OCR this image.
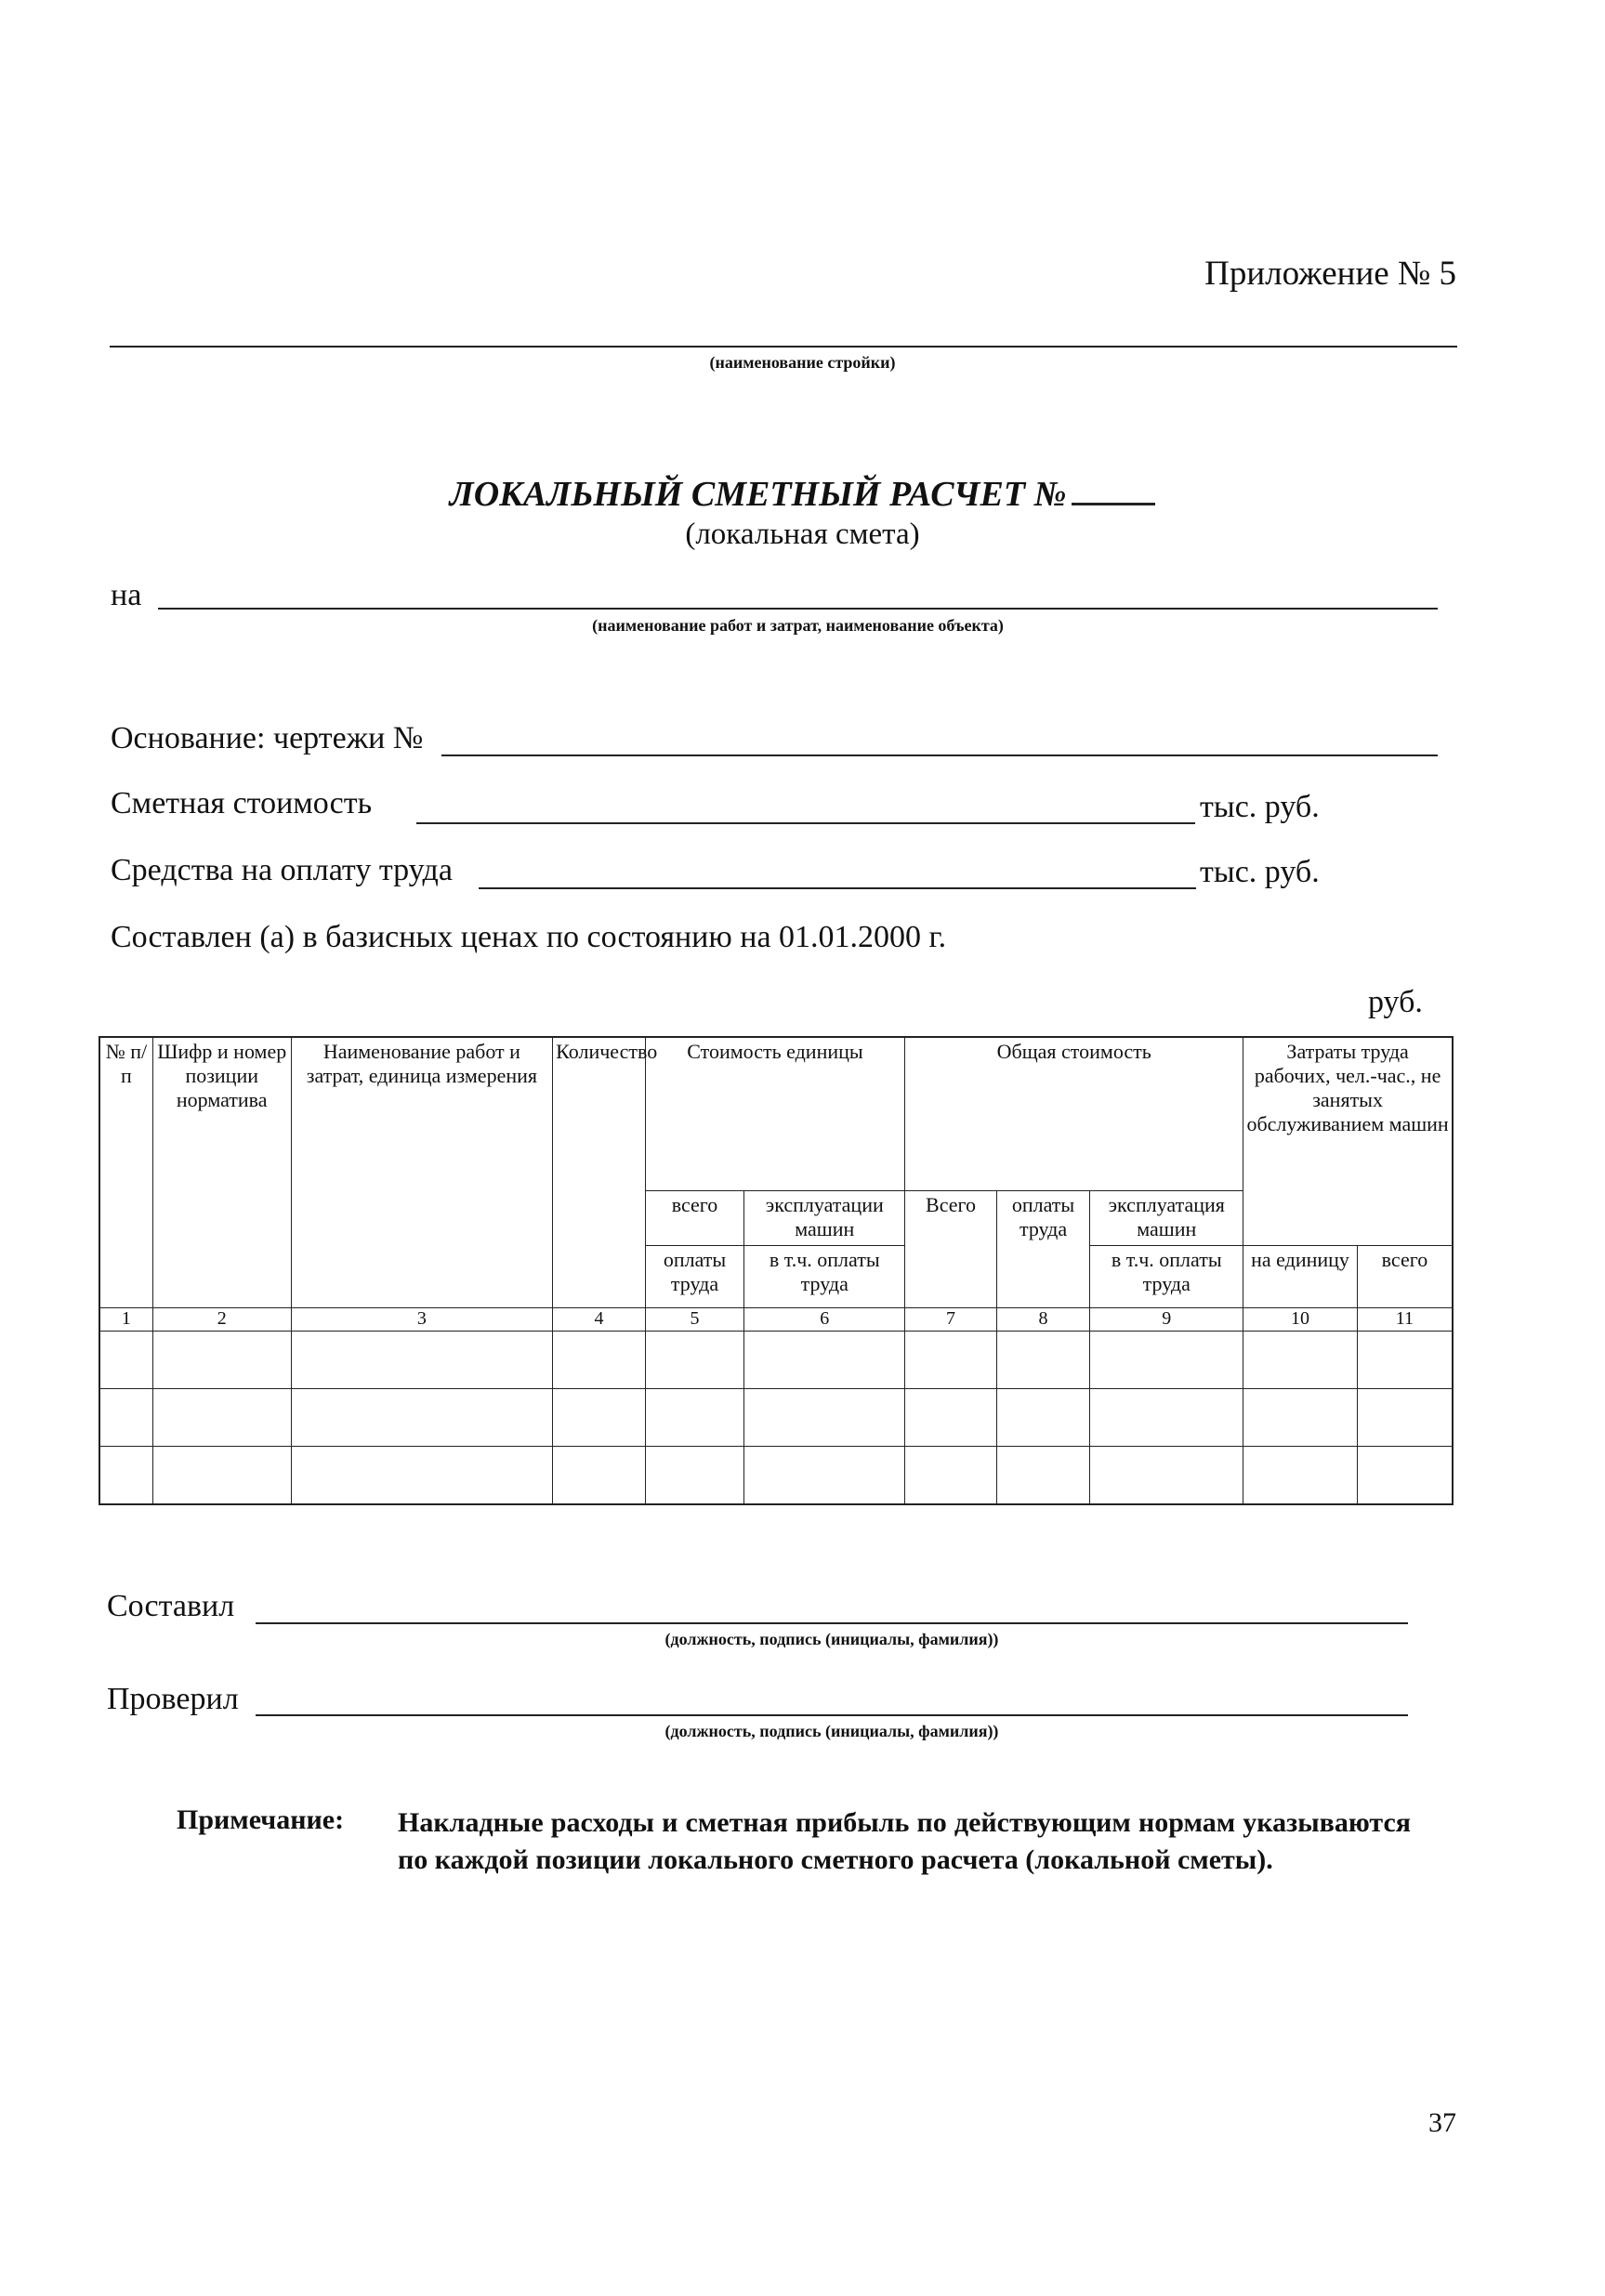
Приложение № 5
(наименование стройки)
ЛОКАЛЬНЫЙ СМЕТНЫЙ РАСЧЕТ №
(локальная смета)
на
(наименование работ и затрат, наименование объекта)
Основание: чертежи №
Сметная стоимость	тыс. руб.
Средства на оплату труда	тыс. руб.
Составлен (а) в базисных ценах по состоянию на 01.01.2000 г.
руб.
№ п/п	Шифр и номер позиции норматива	Наименование работ и затрат, единица измерения	Количество	Стоимость единицы		Общая стоимость			Затраты труда рабочих, чел.-час., не занятых обслуживанием машин	
				всего	эксплуатации машин	Всего	оплаты труда	эксплуатация машин		
				оплаты труда	в т.ч. оплаты труда			в т.ч. оплаты труда	на единицу	всего
1	2	3	4	5	6	7	8	9	10	11

Составил
(должность, подпись (инициалы, фамилия))
Проверил
(должность, подпись (инициалы, фамилия))
Примечание: Накладные расходы и сметная прибыль по действующим нормам указываются по каждой позиции локального сметного расчета (локальной сметы).
37
